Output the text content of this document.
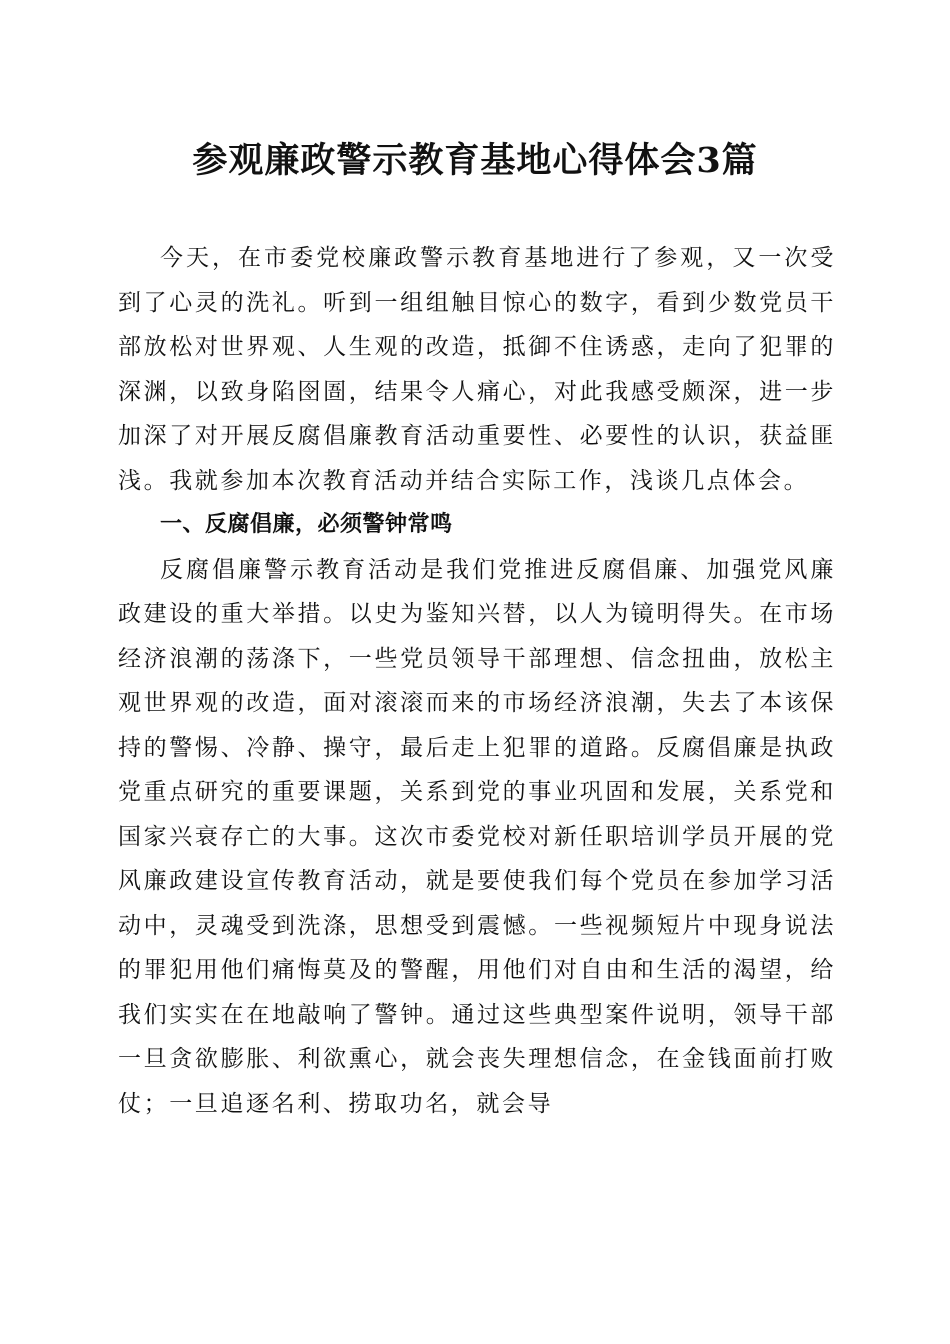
参观廉政警示教育基地心得体会3篇

今天，在市委党校廉政警示教育基地进行了参观，又一次受到了心灵的洗礼。听到一组组触目惊心的数字，看到少数党员干部放松对世界观、人生观的改造，抵御不住诱惑，走向了犯罪的深渊，以致身陷囹圄，结果令人痛心，对此我感受颇深，进一步加深了对开展反腐倡廉教育活动重要性、必要性的认识，获益匪浅。我就参加本次教育活动并结合实际工作，浅谈几点体会。

一、反腐倡廉，必须警钟常鸣

反腐倡廉警示教育活动是我们党推进反腐倡廉、加强党风廉政建设的重大举措。以史为鉴知兴替，以人为镜明得失。在市场经济浪潮的荡涤下，一些党员领导干部理想、信念扭曲，放松主观世界观的改造，面对滚滚而来的市场经济浪潮，失去了本该保持的警惕、冷静、操守，最后走上犯罪的道路。反腐倡廉是执政党重点研究的重要课题，关系到党的事业巩固和发展，关系党和国家兴衰存亡的大事。这次市委党校对新任职培训学员开展的党风廉政建设宣传教育活动，就是要使我们每个党员在参加学习活动中，灵魂受到洗涤，思想受到震憾。一些视频短片中现身说法的罪犯用他们痛悔莫及的警醒，用他们对自由和生活的渴望，给我们实实在在地敲响了警钟。通过这些典型案件说明，领导干部一旦贪欲膨胀、利欲熏心，就会丧失理想信念，在金钱面前打败仗；一旦追逐名利、捞取功名，就会导
